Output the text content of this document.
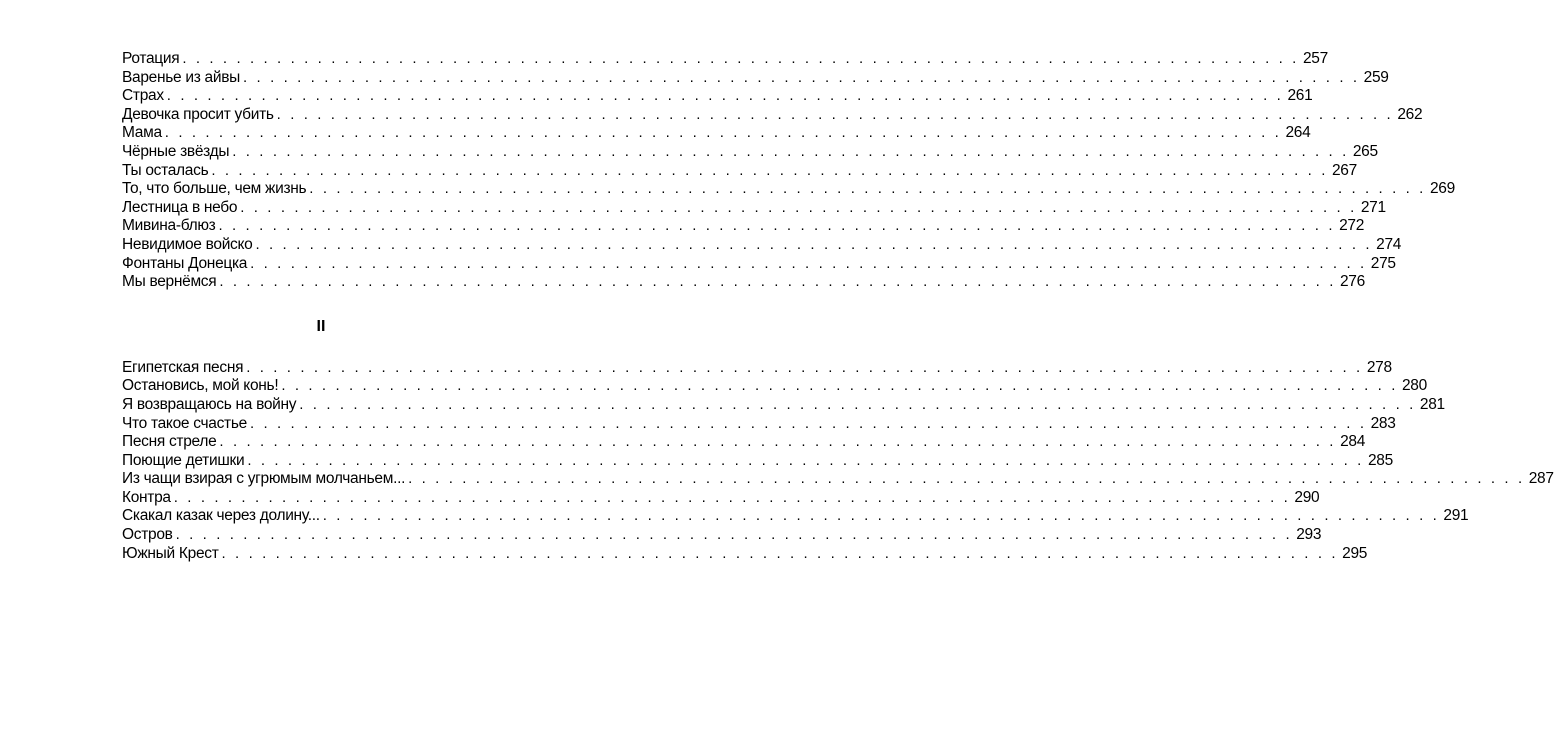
Ротация . . . . . . . . . . . . . . . . . . . . . . . . . . . . . . . . . . . . . . . . . . . . . . . . . . . . . . . . . . . . . . . . . . . . . . . . . . . . . . . . . . . 257
Варенье из айвы . . . . . . . . . . . . . . . . . . . . . . . . . . . . . . . . . . . . . . . . . . . . . . . . . . . . . . . . . . . . . . . . . . . . . . . . . . . . . . . . . . . 259
Страх . . . . . . . . . . . . . . . . . . . . . . . . . . . . . . . . . . . . . . . . . . . . . . . . . . . . . . . . . . . . . . . . . . . . . . . . . . . . . . . . . . . 261
Девочка просит убить . . . . . . . . . . . . . . . . . . . . . . . . . . . . . . . . . . . . . . . . . . . . . . . . . . . . . . . . . . . . . . . . . . . . . . . . . . . . . . . . . . . 262
Мама . . . . . . . . . . . . . . . . . . . . . . . . . . . . . . . . . . . . . . . . . . . . . . . . . . . . . . . . . . . . . . . . . . . . . . . . . . . . . . . . . . . 264
Чёрные звёзды . . . . . . . . . . . . . . . . . . . . . . . . . . . . . . . . . . . . . . . . . . . . . . . . . . . . . . . . . . . . . . . . . . . . . . . . . . . . . . . . . . . 265
Ты осталась . . . . . . . . . . . . . . . . . . . . . . . . . . . . . . . . . . . . . . . . . . . . . . . . . . . . . . . . . . . . . . . . . . . . . . . . . . . . . . . . . . . 267
То, что больше, чем жизнь . . . . . . . . . . . . . . . . . . . . . . . . . . . . . . . . . . . . . . . . . . . . . . . . . . . . . . . . . . . . . . . . . . . . . . . . . . . . . . . . . . . 269
Лестница в небо . . . . . . . . . . . . . . . . . . . . . . . . . . . . . . . . . . . . . . . . . . . . . . . . . . . . . . . . . . . . . . . . . . . . . . . . . . . . . . . . . . . 271
Мивина-блюз . . . . . . . . . . . . . . . . . . . . . . . . . . . . . . . . . . . . . . . . . . . . . . . . . . . . . . . . . . . . . . . . . . . . . . . . . . . . . . . . . . . 272
Невидимое войско . . . . . . . . . . . . . . . . . . . . . . . . . . . . . . . . . . . . . . . . . . . . . . . . . . . . . . . . . . . . . . . . . . . . . . . . . . . . . . . . . . . 274
Фонтаны Донецка . . . . . . . . . . . . . . . . . . . . . . . . . . . . . . . . . . . . . . . . . . . . . . . . . . . . . . . . . . . . . . . . . . . . . . . . . . . . . . . . . . . 275
Мы вернёмся . . . . . . . . . . . . . . . . . . . . . . . . . . . . . . . . . . . . . . . . . . . . . . . . . . . . . . . . . . . . . . . . . . . . . . . . . . . . . . . . . . . 276
II
Египетская песня . . . . . . . . . . . . . . . . . . . . . . . . . . . . . . . . . . . . . . . . . . . . . . . . . . . . . . . . . . . . . . . . . . . . . . . . . . . . . . . . . . . 278
Остановись, мой конь! . . . . . . . . . . . . . . . . . . . . . . . . . . . . . . . . . . . . . . . . . . . . . . . . . . . . . . . . . . . . . . . . . . . . . . . . . . . . . . . . . . . 280
Я возвращаюсь на войну . . . . . . . . . . . . . . . . . . . . . . . . . . . . . . . . . . . . . . . . . . . . . . . . . . . . . . . . . . . . . . . . . . . . . . . . . . . . . . . . . . . 281
Что такое счастье . . . . . . . . . . . . . . . . . . . . . . . . . . . . . . . . . . . . . . . . . . . . . . . . . . . . . . . . . . . . . . . . . . . . . . . . . . . . . . . . . . . 283
Песня стреле . . . . . . . . . . . . . . . . . . . . . . . . . . . . . . . . . . . . . . . . . . . . . . . . . . . . . . . . . . . . . . . . . . . . . . . . . . . . . . . . . . . 284
Поющие детишки . . . . . . . . . . . . . . . . . . . . . . . . . . . . . . . . . . . . . . . . . . . . . . . . . . . . . . . . . . . . . . . . . . . . . . . . . . . . . . . . . . . 285
Из чащи взирая с угрюмым молчаньем... . . . . . . . . . . . . . . . . . . . . . . . . . . . . . . . . . . . . . . . . . . . . . . . . . . . . . . . . . . . . . . . . . . . . . . . . . . . . . . . . . . . 287
Контра . . . . . . . . . . . . . . . . . . . . . . . . . . . . . . . . . . . . . . . . . . . . . . . . . . . . . . . . . . . . . . . . . . . . . . . . . . . . . . . . . . . 290
Скакал казак через долину... . . . . . . . . . . . . . . . . . . . . . . . . . . . . . . . . . . . . . . . . . . . . . . . . . . . . . . . . . . . . . . . . . . . . . . . . . . . . . . . . . . . 291
Остров . . . . . . . . . . . . . . . . . . . . . . . . . . . . . . . . . . . . . . . . . . . . . . . . . . . . . . . . . . . . . . . . . . . . . . . . . . . . . . . . . . . 293
Южный Крест . . . . . . . . . . . . . . . . . . . . . . . . . . . . . . . . . . . . . . . . . . . . . . . . . . . . . . . . . . . . . . . . . . . . . . . . . . . . . . . . . . . 295
